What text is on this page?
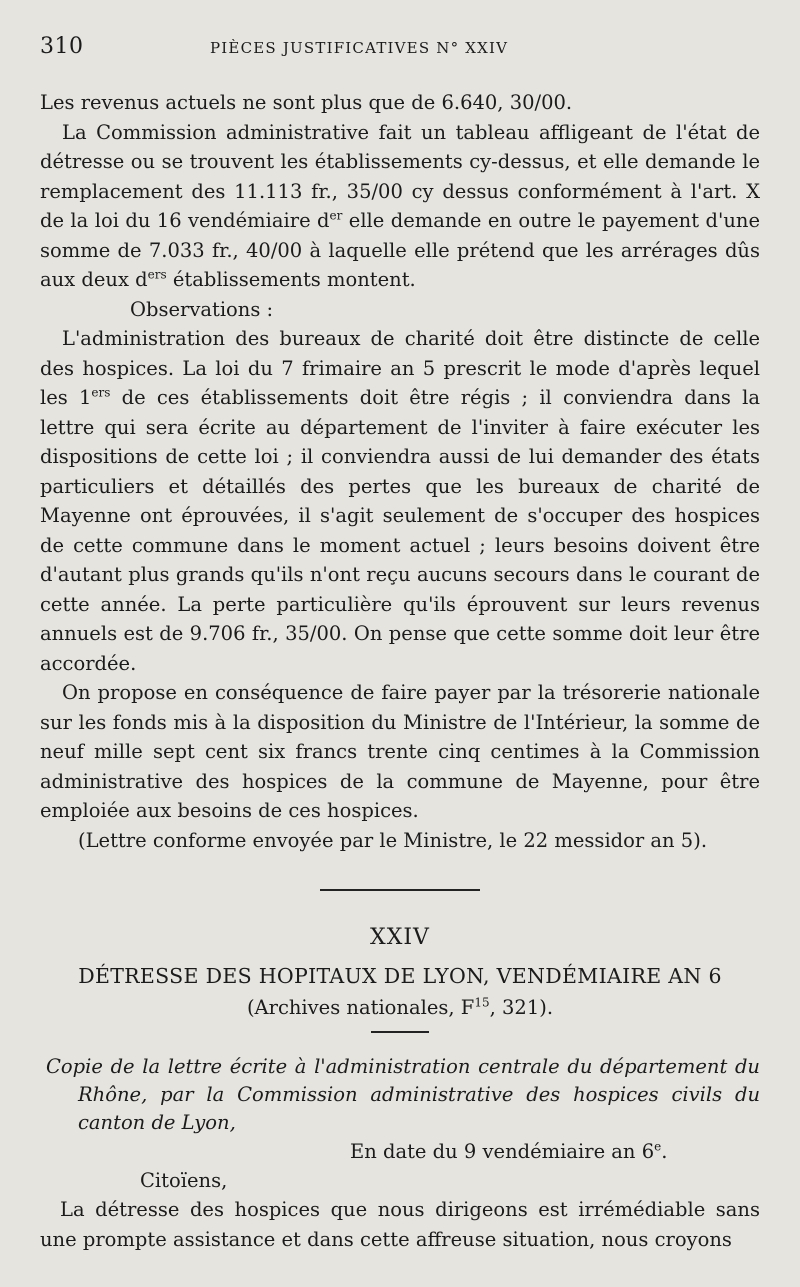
310	PIÈCES JUSTIFICATIVES N° XXIV

Les revenus actuels ne sont plus que de 6.640, 30/00.

La Commission administrative fait un tableau affligeant de l'état de détresse ou se trouvent les établissements cy-dessus, et elle demande le remplacement des 11.113 fr., 35/00 cy dessus conformément à l'art. X de la loi du 16 vendémiaire $d^{er}$ elle demande en outre le payement d'une somme de 7.033 fr., 40/00 à laquelle elle prétend que les arrérages dûs aux deux $d^{ers}$ établissements montent.

Observations :

L'administration des bureaux de charité doit être distincte de celle des hospices. La loi du 7 frimaire an 5 prescrit le mode d'après lequel les 1ers de ces établissements doit être régis ; il conviendra dans la lettre qui sera écrite au département de l'inviter à faire exécuter les dispositions de cette loi ; il conviendra aussi de lui demander des états particuliers et détaillés des pertes que les bureaux de charité de Mayenne ont éprouvées, il s'agit seulement de s'occuper des hospices de cette commune dans le moment actuel ; leurs besoins doivent être d'autant plus grands qu'ils n'ont reçu aucuns secours dans le courant de cette année. La perte particulière qu'ils éprouvent sur leurs revenus annuels est de 9.706 fr., 35/00. On pense que cette somme doit leur être accordée.

On propose en conséquence de faire payer par la trésorerie nationale sur les fonds mis à la disposition du Ministre de l'Intérieur, la somme de neuf mille sept cent six francs trente cinq centimes à la Commission administrative des hospices de la commune de Mayenne, pour être emploiée aux besoins de ces hospices.

(Lettre conforme envoyée par le Ministre, le 22 messidor an 5).

XXIV
DÉTRESSE DES HOPITAUX DE LYON, VENDÉMIAIRE AN 6
(Archives nationales, $F^{15}$, 321).

Copie de la lettre écrite à l'administration centrale du département du Rhône, par la Commission administrative des hospices civils du canton de Lyon,

En date du 9 vendémiaire an 6e.

Citoïens,

La détresse des hospices que nous dirigeons est irrémédiable sans une prompte assistance et dans cette affreuse situation, nous croyons
